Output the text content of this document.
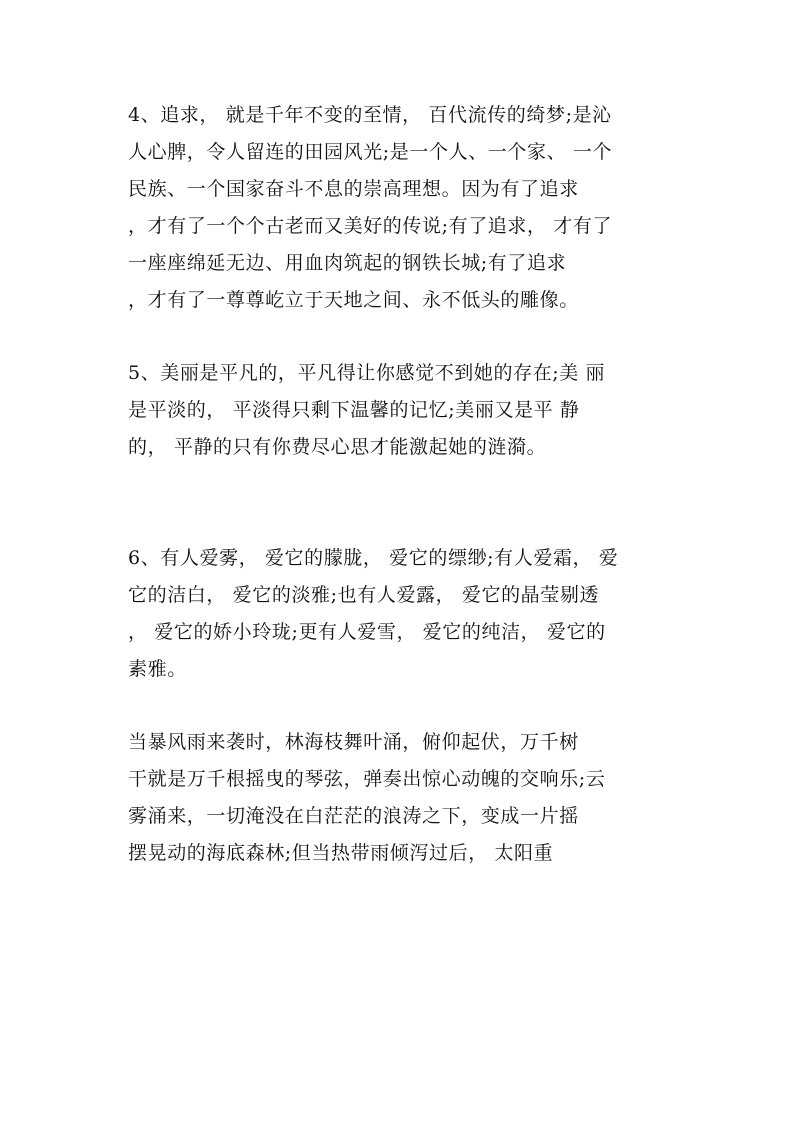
4、追求， 就是千年不变的至情， 百代流传的绮梦;是沁
人心脾，令人留连的田园风光;是一个人、一个家、 一个
民族、一个国家奋斗不息的崇高理想。因为有了追求
，才有了一个个古老而又美好的传说;有了追求， 才有了
一座座绵延无边、用血肉筑起的钢铁长城;有了追求
，才有了一尊尊屹立于天地之间、永不低头的雕像。
5、美丽是平凡的，平凡得让你感觉不到她的存在;美 丽
是平淡的， 平淡得只剩下温馨的记忆;美丽又是平 静
的， 平静的只有你费尽心思才能激起她的涟漪。
6、有人爱雾， 爱它的朦胧， 爱它的缥缈;有人爱霜， 爱
它的洁白， 爱它的淡雅;也有人爱露， 爱它的晶莹剔透
， 爱它的娇小玲珑;更有人爱雪， 爱它的纯洁， 爱它的
素雅。
当暴风雨来袭时，林海枝舞叶涌，俯仰起伏，万千树
干就是万千根摇曳的琴弦，弹奏出惊心动魄的交响乐;云
雾涌来，一切淹没在白茫茫的浪涛之下，变成一片摇
摆晃动的海底森林;但当热带雨倾泻过后， 太阳重
